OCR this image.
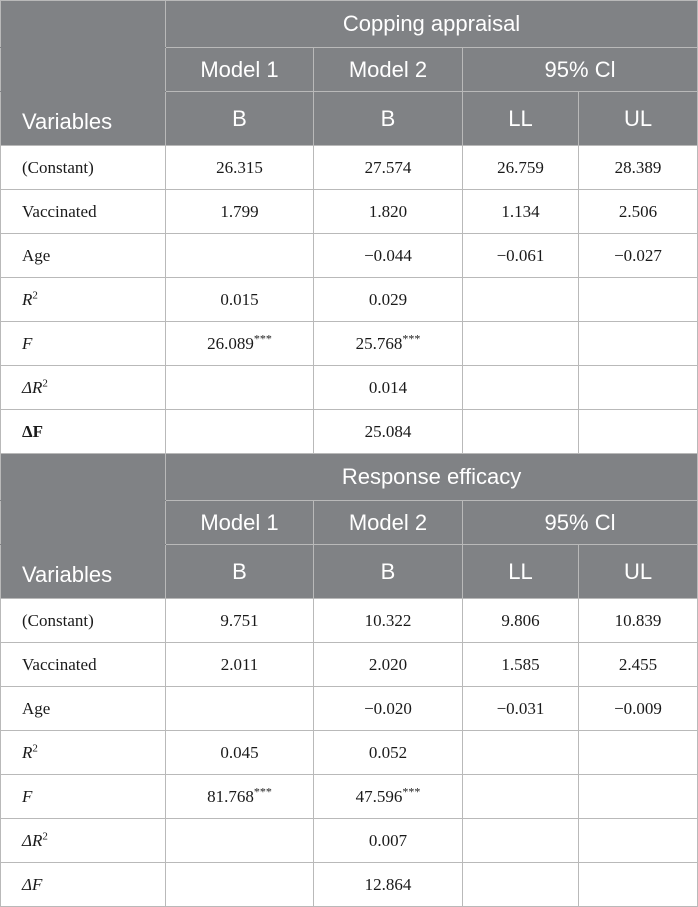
	Copping appraisal			
	Model 1	Model 2	95% Cl	
Variables	B	B	LL	UL
(Constant)	26.315	27.574	26.759	28.389
Vaccinated	1.799	1.820	1.134	2.506
Age		−0.044	−0.061	−0.027
$R^2$	0.015	0.029		
F	26.089***	25.768***		
$\Delta R^2$		0.014		
ΔF		25.084		
	Response efficacy			
	Model 1	Model 2	95% Cl	
Variables	B	B	LL	UL
(Constant)	9.751	10.322	9.806	10.839
Vaccinated	2.011	2.020	1.585	2.455
Age		−0.020	−0.031	−0.009
$R^2$	0.045	0.052		
F	81.768***	47.596***		
$\Delta R^2$		0.007		
ΔF		12.864		
